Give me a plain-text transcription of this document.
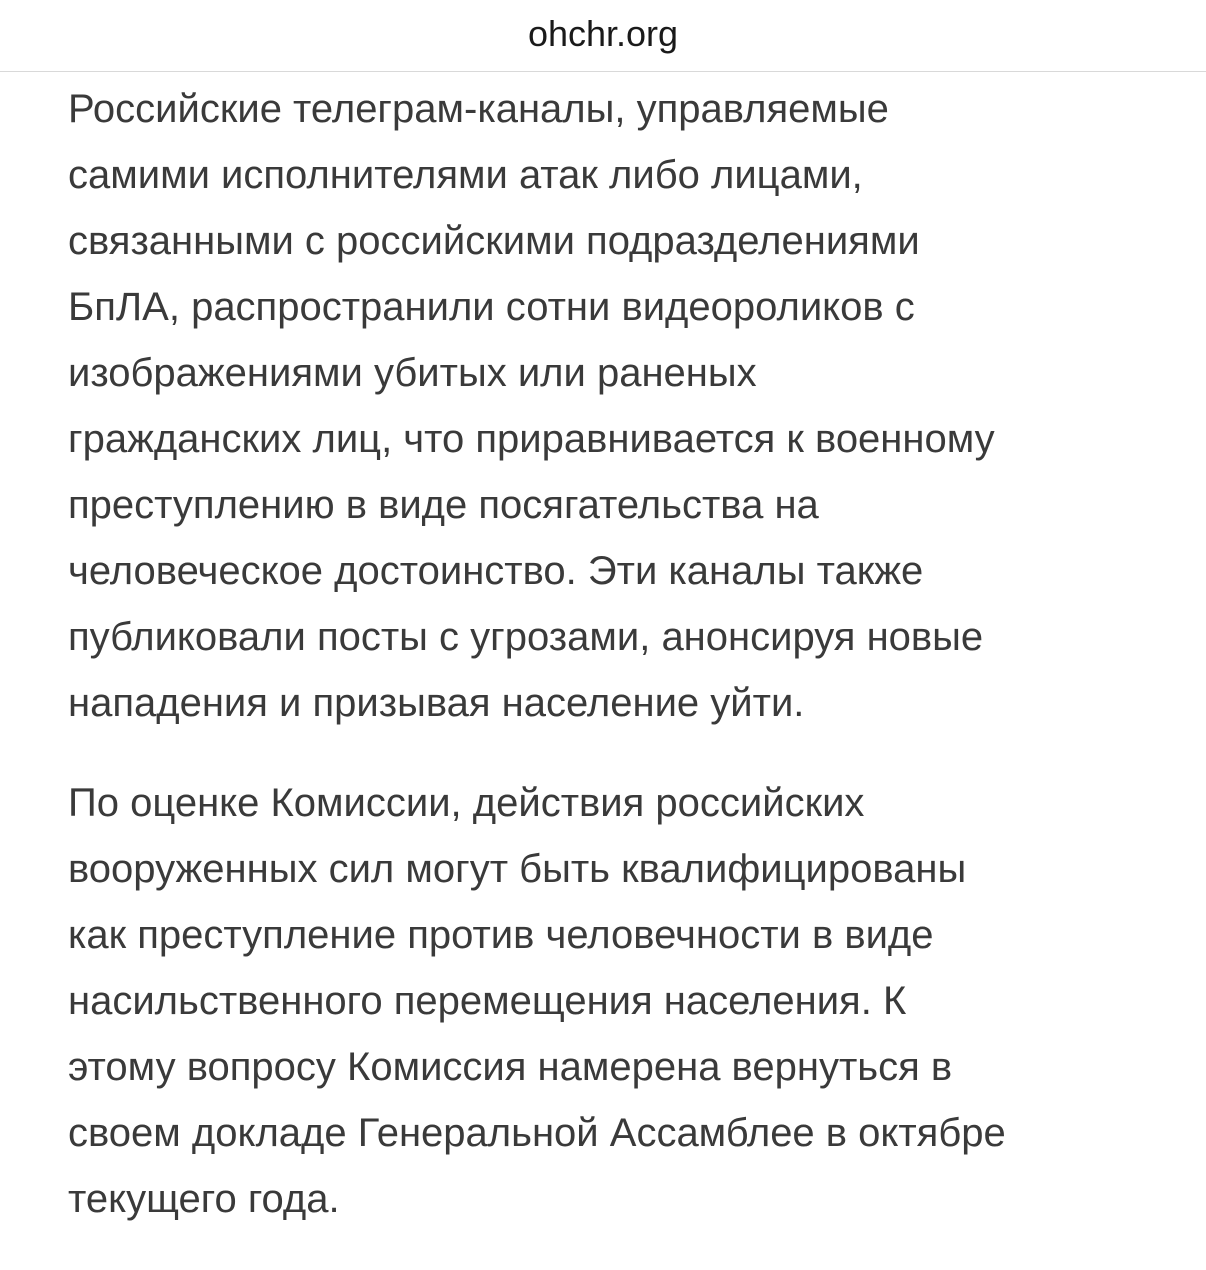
ohchr.org

Российские телеграм-каналы, управляемые
самими исполнителями атак либо лицами,
связанными с российскими подразделениями
БпЛА, распространили сотни видеороликов с
изображениями убитых или раненых
гражданских лиц, что приравнивается к военному
преступлению в виде посягательства на
человеческое достоинство. Эти каналы также
публиковали посты с угрозами, анонсируя новые
нападения и призывая население уйти.

По оценке Комиссии, действия российских
вооруженных сил могут быть квалифицированы
как преступление против человечности в виде
насильственного перемещения населения. К
этому вопросу Комиссия намерена вернуться в
своем докладе Генеральной Ассамблее в октябре
текущего года.
